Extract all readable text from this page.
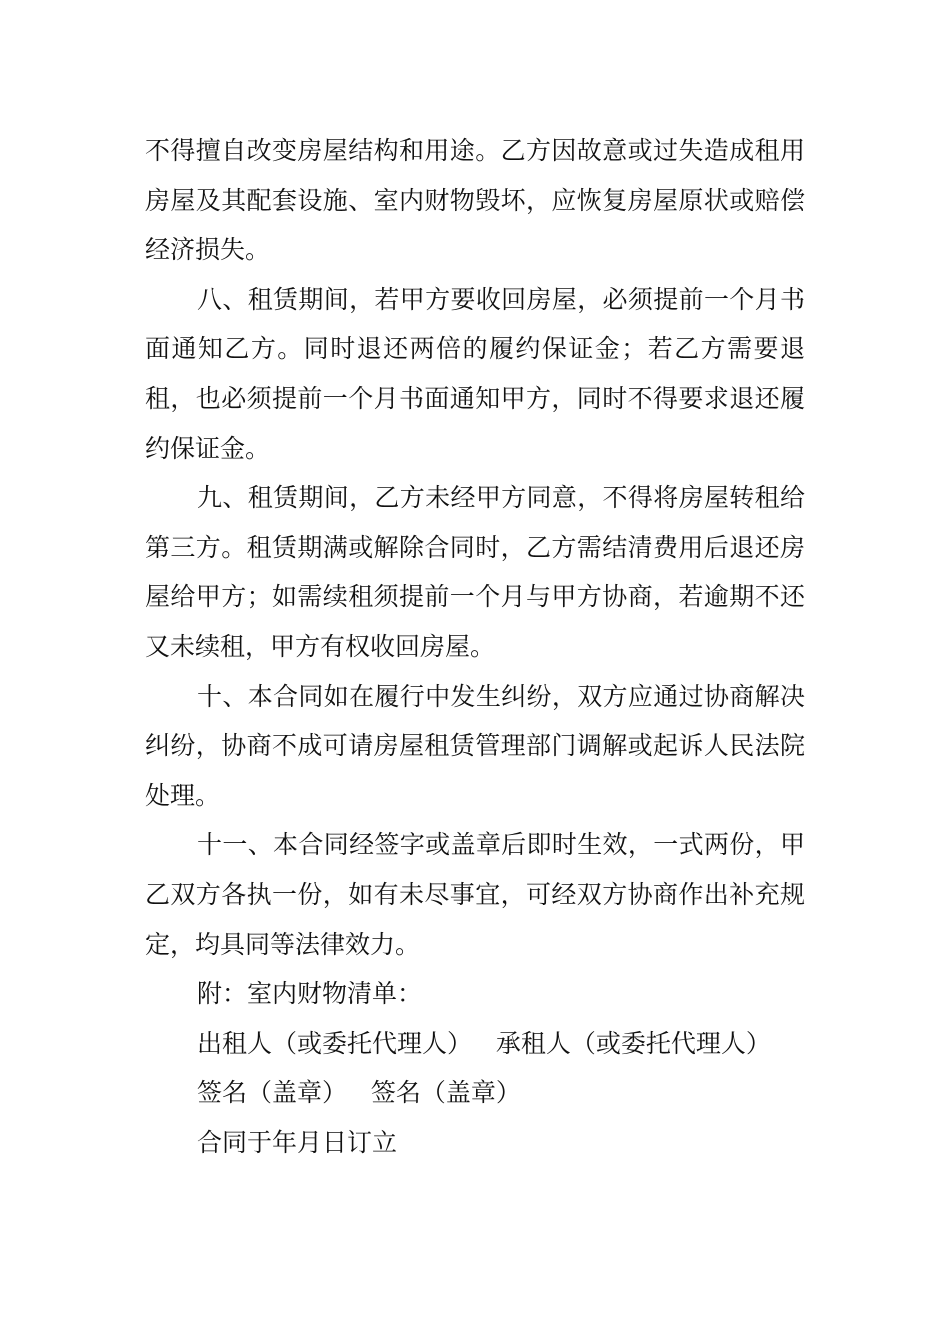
不得擅自改变房屋结构和用途。乙方因故意或过失造成租用房屋及其配套设施、室内财物毁坏，应恢复房屋原状或赔偿经济损失。

八、租赁期间，若甲方要收回房屋，必须提前一个月书面通知乙方。同时退还两倍的履约保证金；若乙方需要退租，也必须提前一个月书面通知甲方，同时不得要求退还履约保证金。

九、租赁期间，乙方未经甲方同意，不得将房屋转租给第三方。租赁期满或解除合同时，乙方需结清费用后退还房屋给甲方；如需续租须提前一个月与甲方协商，若逾期不还又未续租，甲方有权收回房屋。

十、本合同如在履行中发生纠纷，双方应通过协商解决纠纷，协商不成可请房屋租赁管理部门调解或起诉人民法院处理。

十一、本合同经签字或盖章后即时生效，一式两份，甲乙双方各执一份，如有未尽事宜，可经双方协商作出补充规定，均具同等法律效力。

附：室内财物清单：

出租人（或委托代理人）   承租人（或委托代理人）

签名（盖章）   签名（盖章）

合同于年月日订立
